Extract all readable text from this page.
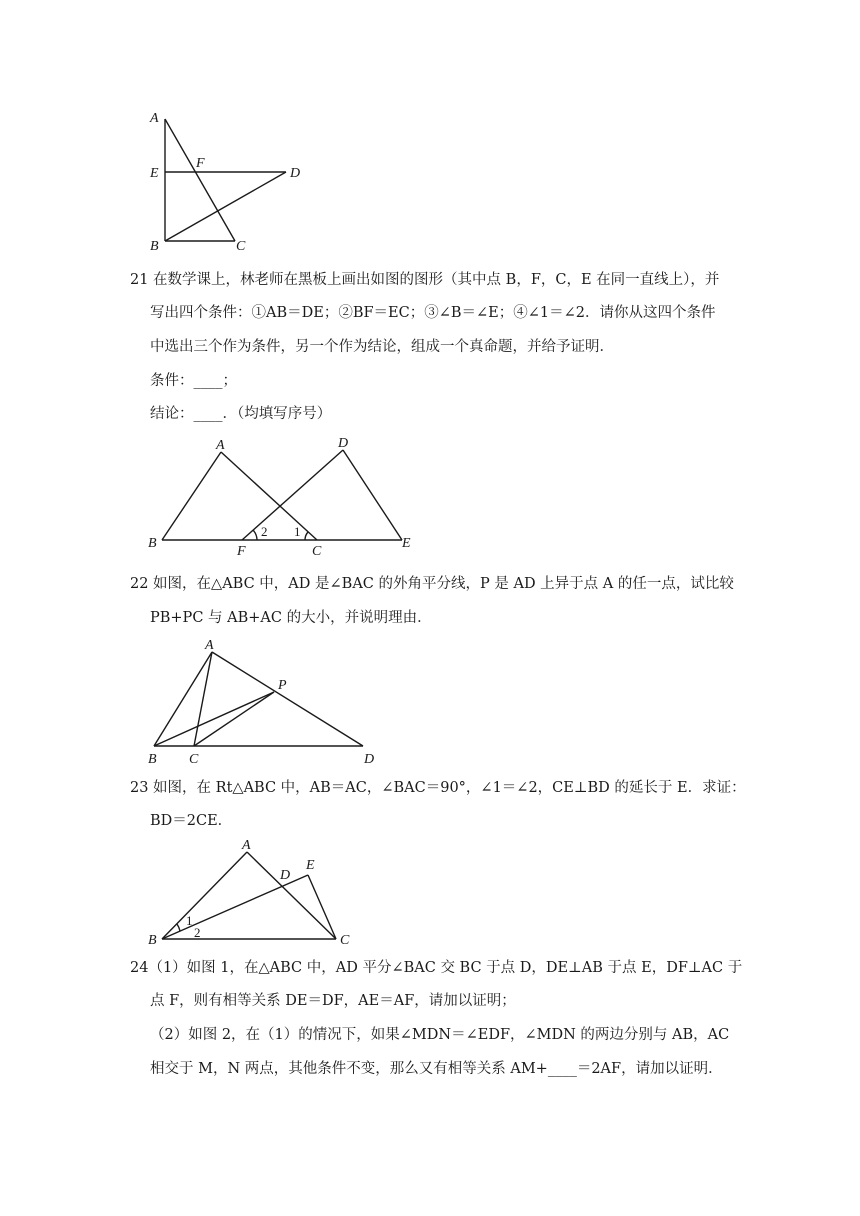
A
E
F
D
B	C
21 在数学课上，林老师在黑板上画出如图的图形（其中点 B，F，C，E 在同一直线上），并
写出四个条件：①AB＝DE；②BF＝EC；③∠B＝∠E；④∠1＝∠2．请你从这四个条件
中选出三个作为条件，另一个作为结论，组成一个真命题，并给予证明．
条件：____；
结论：____．（均填写序号）
A	D
B
F	C
E
2 1
22 如图，在△ABC 中，AD 是∠BAC 的外角平分线，P 是 AD 上异于点 A 的任一点，试比较
PB+PC 与 AB+AC 的大小，并说明理由．
A
P
B C	D
23 如图，在 Rt△ABC 中，AB＝AC，∠BAC＝90°，∠1＝∠2，CE⊥BD 的延长于 E．求证：
BD＝2CE．
A
D
E
B	C
1
2
24（1）如图 1，在△ABC 中，AD 平分∠BAC 交 BC 于点 D，DE⊥AB 于点 E，DF⊥AC 于
点 F，则有相等关系 DE＝DF，AE＝AF，请加以证明；
（2）如图 2，在（1）的情况下，如果∠MDN＝∠EDF，∠MDN 的两边分别与 AB，AC
相交于 M，N 两点，其他条件不变，那么又有相等关系 AM+____＝2AF，请加以证明．
